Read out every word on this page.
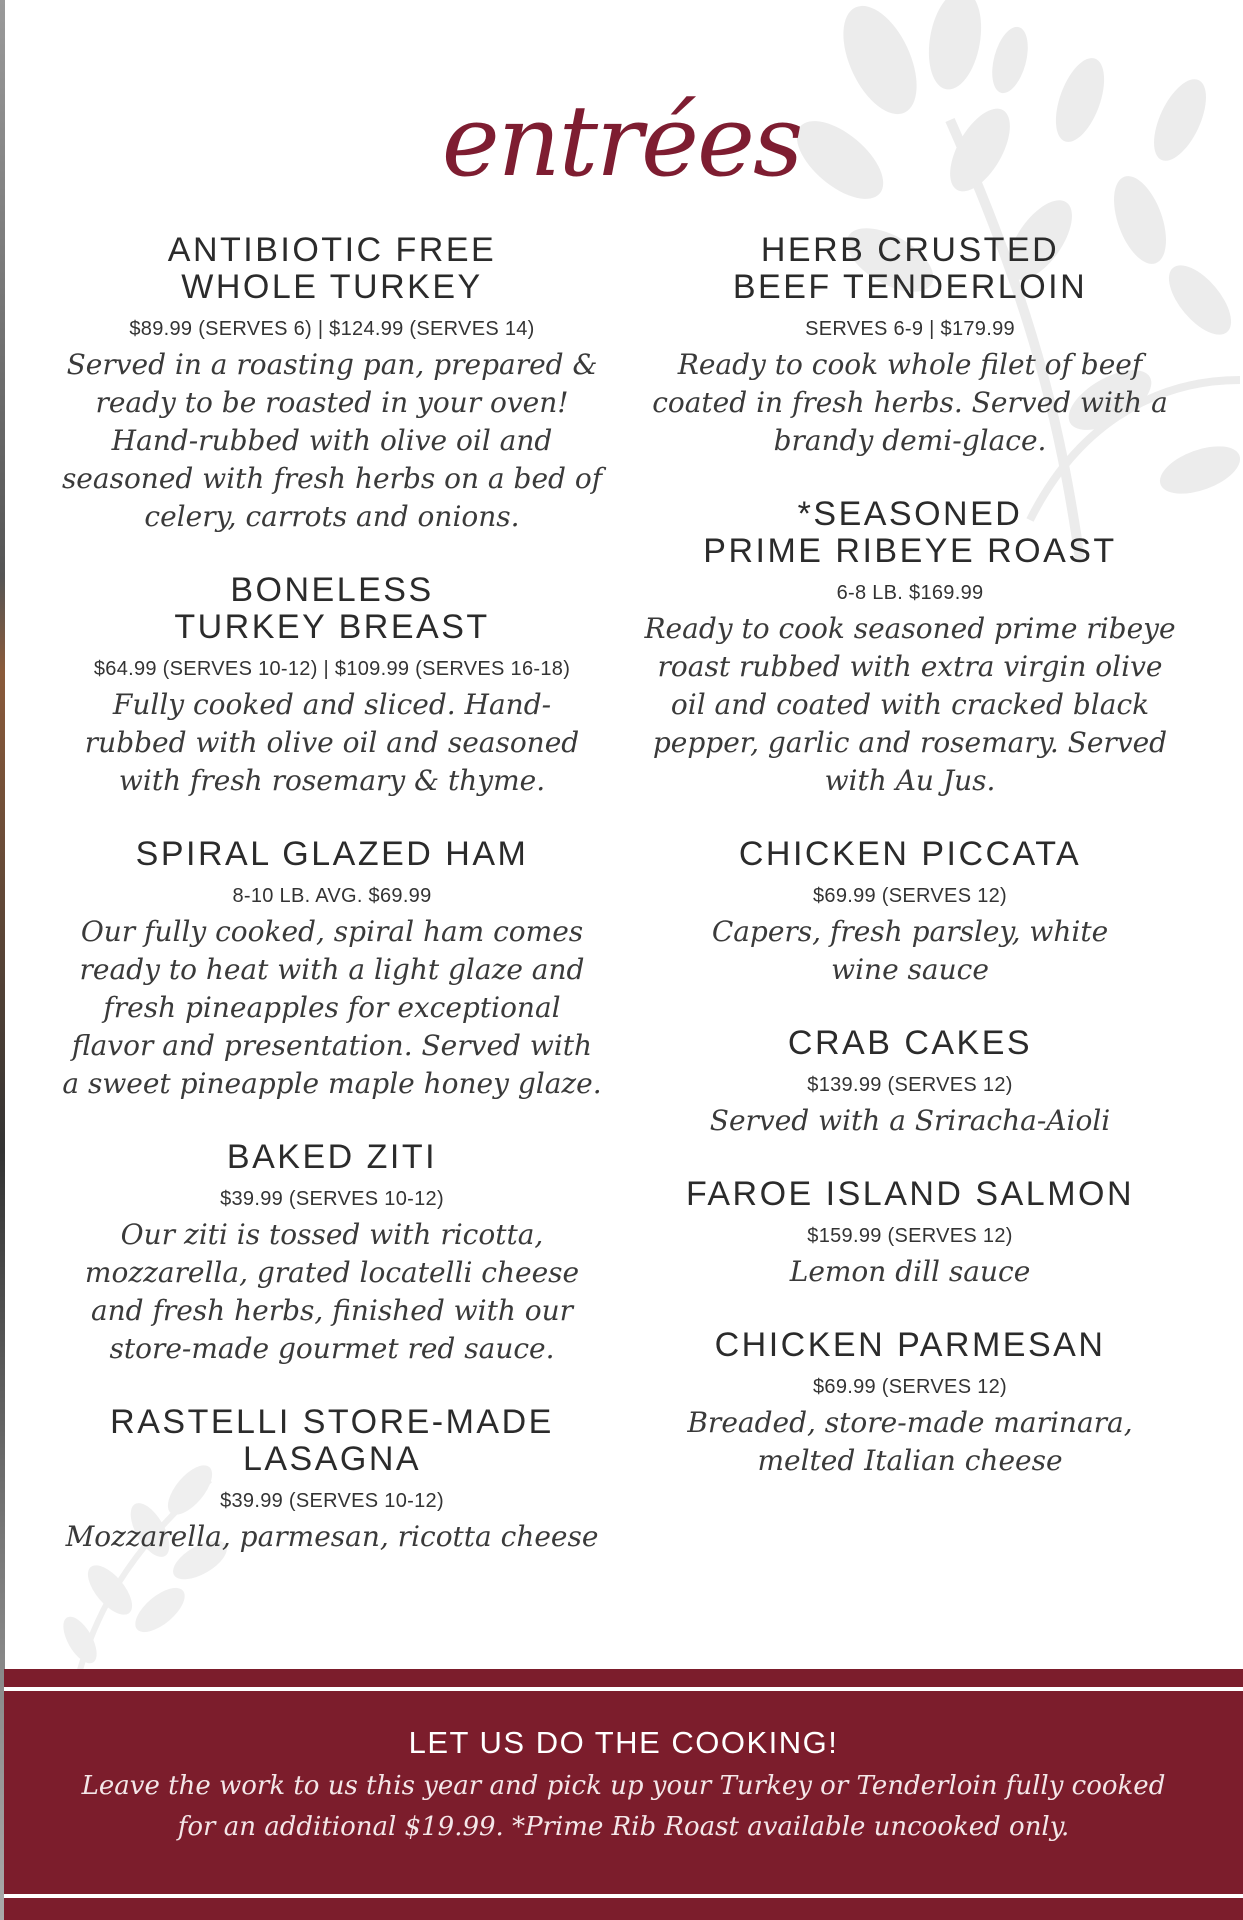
entrées
ANTIBIOTIC FREE
WHOLE TURKEY
$89.99 (SERVES 6) | $124.99 (SERVES 14)
Served in a roasting pan, prepared &
ready to be roasted in your oven!
Hand-rubbed with olive oil and
seasoned with fresh herbs on a bed of
celery, carrots and onions.
BONELESS
TURKEY BREAST
$64.99 (SERVES 10-12) | $109.99 (SERVES 16-18)
Fully cooked and sliced. Hand-
rubbed with olive oil and seasoned
with fresh rosemary & thyme.
SPIRAL GLAZED HAM
8-10 LB. AVG. $69.99
Our fully cooked, spiral ham comes
ready to heat with a light glaze and
fresh pineapples for exceptional
flavor and presentation. Served with
a sweet pineapple maple honey glaze.
BAKED ZITI
$39.99 (SERVES 10-12)
Our ziti is tossed with ricotta,
mozzarella, grated locatelli cheese
and fresh herbs, finished with our
store-made gourmet red sauce.
RASTELLI STORE-MADE
LASAGNA
$39.99 (SERVES 10-12)
Mozzarella, parmesan, ricotta cheese
HERB CRUSTED
BEEF TENDERLOIN
SERVES 6-9 | $179.99
Ready to cook whole filet of beef
coated in fresh herbs. Served with a
brandy demi-glace.
*SEASONED
PRIME RIBEYE ROAST
6-8 LB. $169.99
Ready to cook seasoned prime ribeye
roast rubbed with extra virgin olive
oil and coated with cracked black
pepper, garlic and rosemary. Served
with Au Jus.
CHICKEN PICCATA
$69.99 (SERVES 12)
Capers, fresh parsley, white
wine sauce
CRAB CAKES
$139.99 (SERVES 12)
Served with a Sriracha-Aioli
FAROE ISLAND SALMON
$159.99 (SERVES 12)
Lemon dill sauce
CHICKEN PARMESAN
$69.99 (SERVES 12)
Breaded, store-made marinara,
melted Italian cheese
LET US DO THE COOKING!
Leave the work to us this year and pick up your Turkey or Tenderloin fully cooked
for an additional $19.99. *Prime Rib Roast available uncooked only.
